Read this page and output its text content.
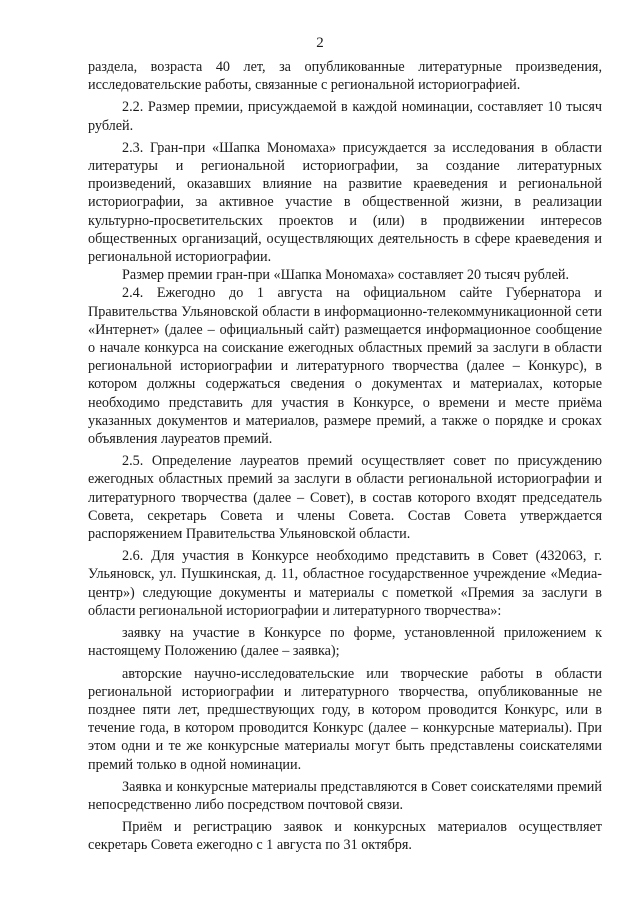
2

раздела, возраста 40 лет, за опубликованные литературные произведения, исследовательские работы, связанные с региональной историографией.

2.2. Размер премии, присуждаемой в каждой номинации, составляет 10 тысяч рублей.

2.3. Гран-при «Шапка Мономаха» присуждается за исследования в области литературы и региональной историографии, за создание литературных произведений, оказавших влияние на развитие краеведения и региональной историографии, за активное участие в общественной жизни, в реализации культурно-просветительских проектов и (или) в продвижении интересов общественных организаций, осуществляющих деятельность в сфере краеведения и региональной историографии.

Размер премии гран-при «Шапка Мономаха» составляет 20 тысяч рублей.

2.4. Ежегодно до 1 августа на официальном сайте Губернатора и Правительства Ульяновской области в информационно-телекоммуникационной сети «Интернет» (далее – официальный сайт) размещается информационное сообщение о начале конкурса на соискание ежегодных областных премий за заслуги в области региональной историографии и литературного творчества (далее – Конкурс), в котором должны содержаться сведения о документах и материалах, которые необходимо представить для участия в Конкурсе, о времени и месте приёма указанных документов и материалов, размере премий, а также о порядке и сроках объявления лауреатов премий.

2.5. Определение лауреатов премий осуществляет совет по присуждению ежегодных областных премий за заслуги в области региональной историографии и литературного творчества (далее – Совет), в состав которого входят председатель Совета, секретарь Совета и члены Совета. Состав Совета утверждается распоряжением Правительства Ульяновской области.

2.6. Для участия в Конкурсе необходимо представить в Совет (432063, г. Ульяновск, ул. Пушкинская, д. 11, областное государственное учреждение «Медиа-центр») следующие документы и материалы с пометкой «Премия за заслуги в области региональной историографии и литературного творчества»:

заявку на участие в Конкурсе по форме, установленной приложением к настоящему Положению (далее – заявка);

авторские научно-исследовательские или творческие работы в области региональной историографии и литературного творчества, опубликованные не позднее пяти лет, предшествующих году, в котором проводится Конкурс, или в течение года, в котором проводится Конкурс (далее – конкурсные материалы). При этом одни и те же конкурсные материалы могут быть представлены соискателями премий только в одной номинации.

Заявка и конкурсные материалы представляются в Совет соискателями премий непосредственно либо посредством почтовой связи.

Приём и регистрацию заявок и конкурсных материалов осуществляет секретарь Совета ежегодно с 1 августа по 31 октября.
